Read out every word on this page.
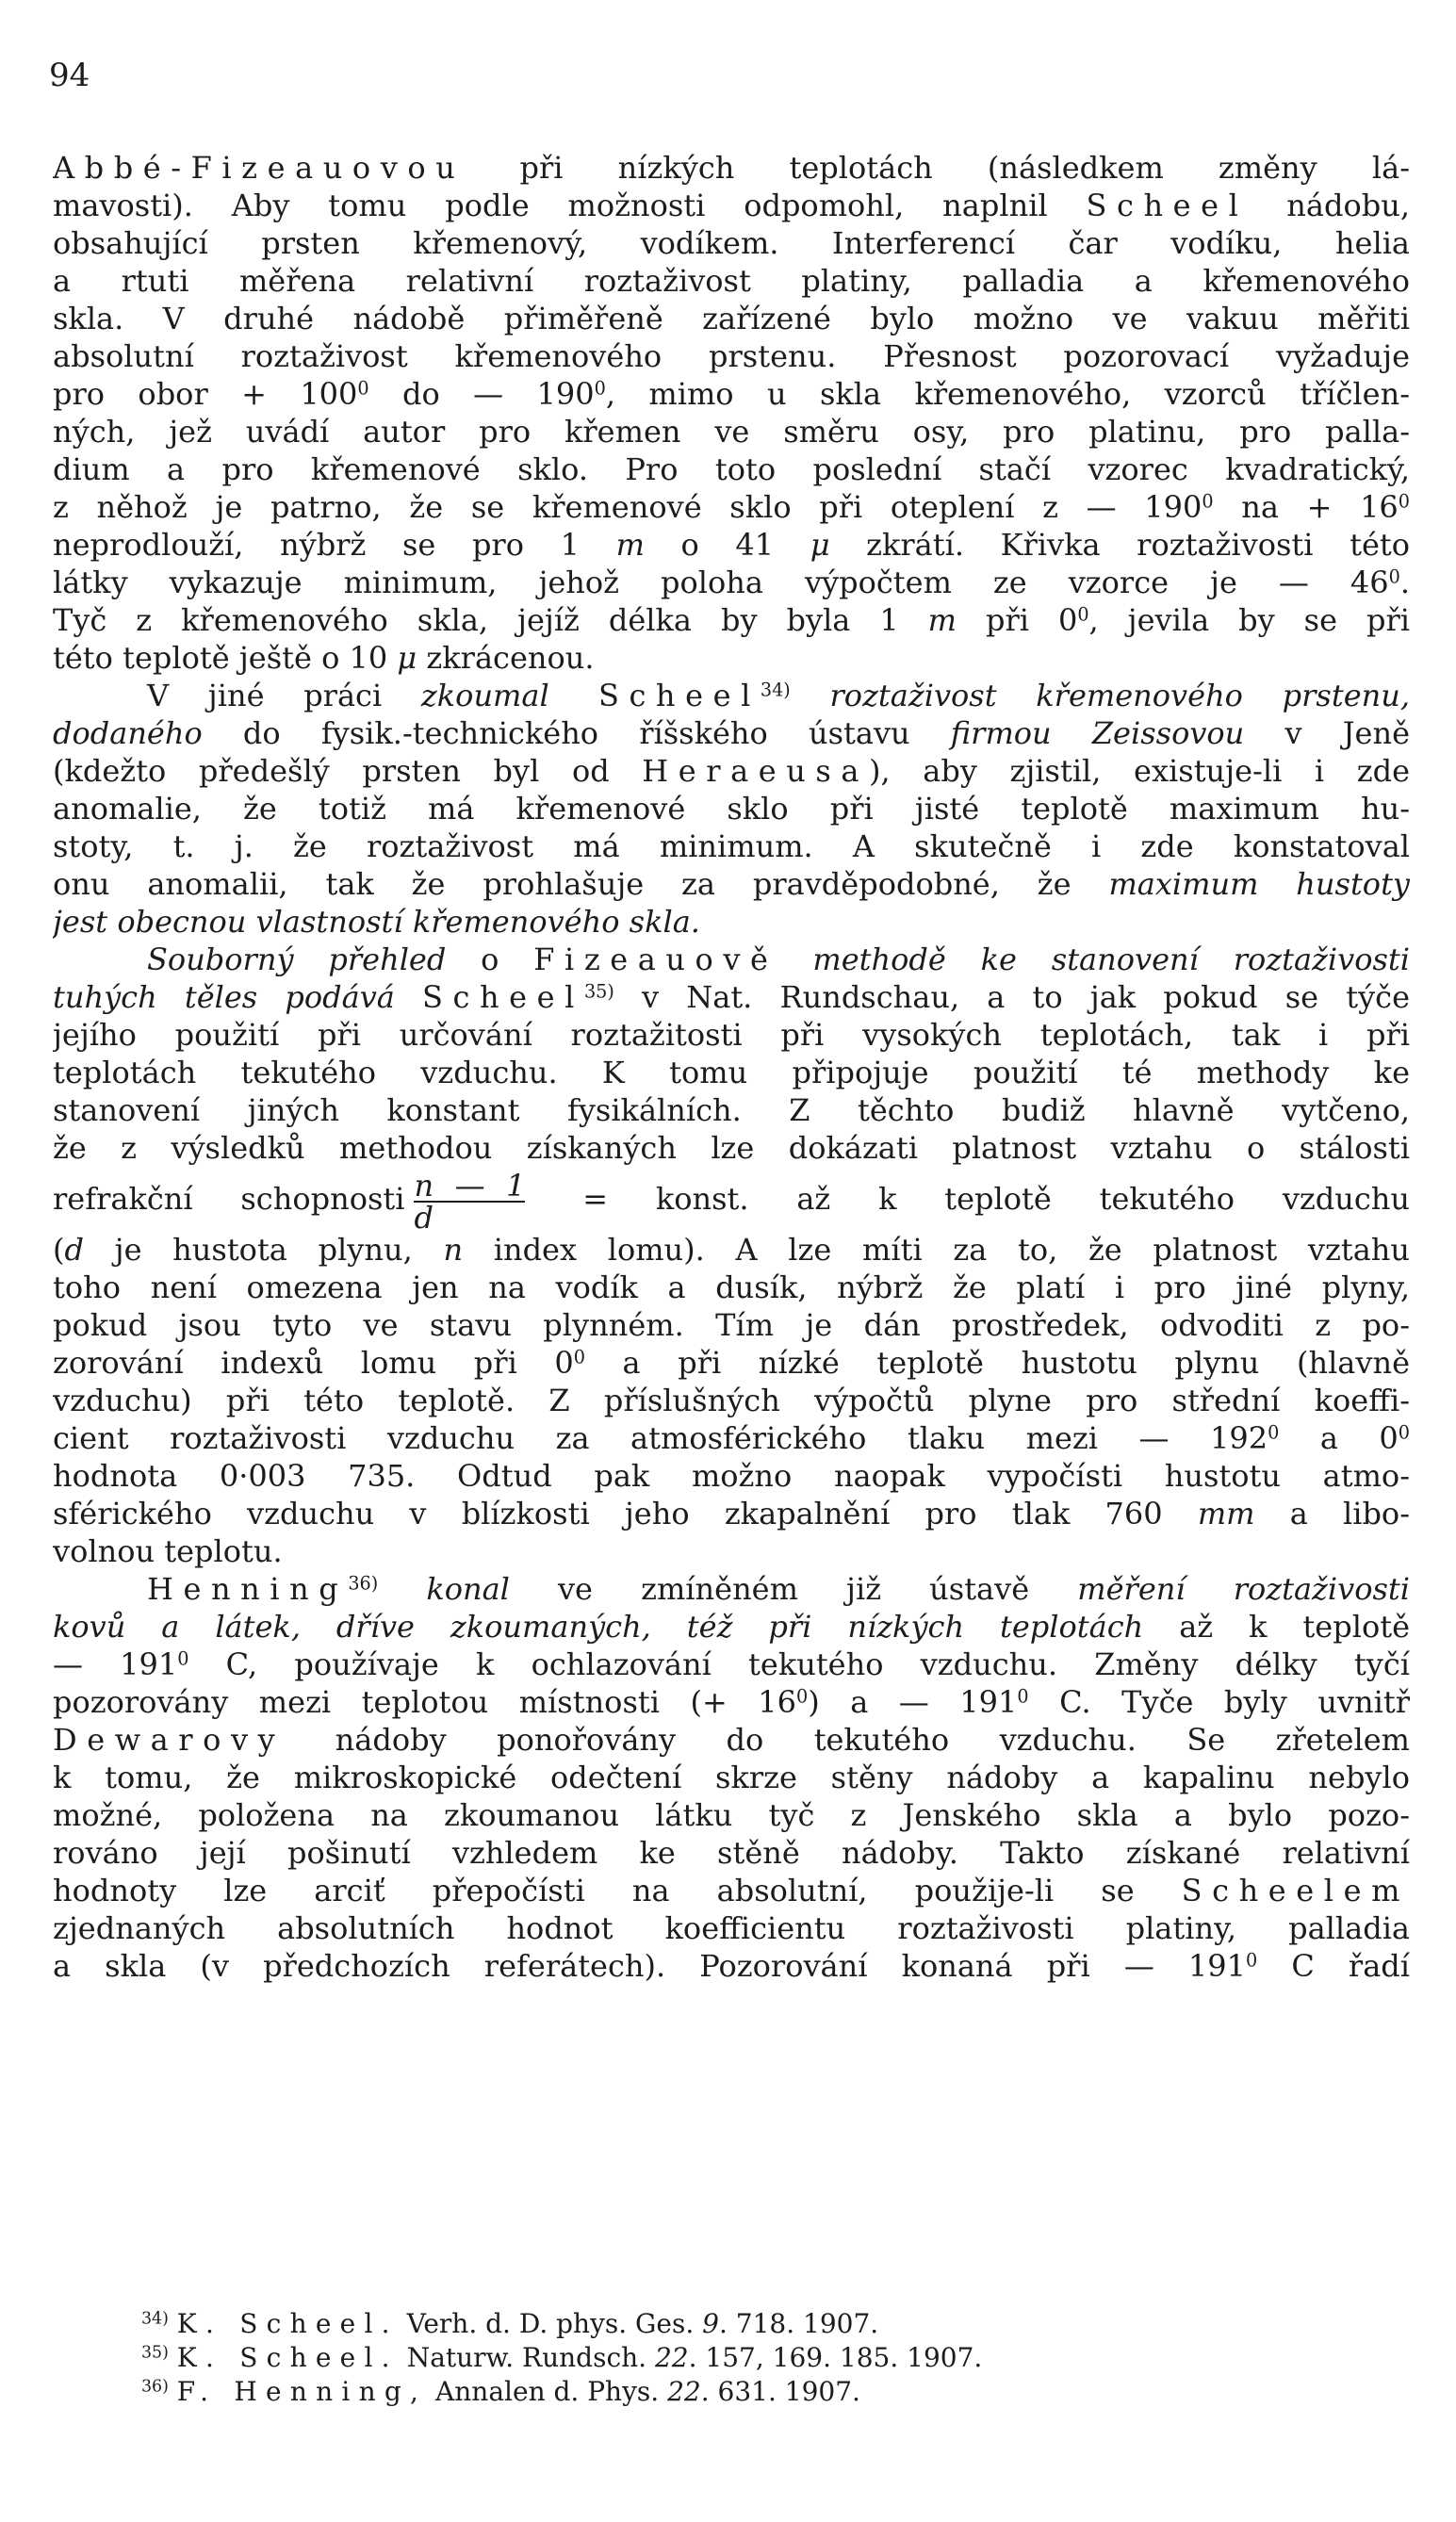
94
Abbé-Fizeauovou při nízkých teplotách (následkem změny lá-
mavosti). Aby tomu podle možnosti odpomohl, naplnil Scheel nádobu,
obsahující prsten křemenový, vodíkem. Interferencí čar vodíku, helia
a rtuti měřena relativní roztaživost platiny, palladia a křemenového
skla. V druhé nádobě přiměřeně zařízené bylo možno ve vakuu měřiti
absolutní roztaživost křemenového prstenu. Přesnost pozorovací vyžaduje
pro obor + $100^0$ do — $190^0$, mimo u skla křemenového, vzorců tříčlen-
ných, jež uvádí autor pro křemen ve směru osy, pro platinu, pro palla-
dium a pro křemenové sklo. Pro toto poslední stačí vzorec kvadratický,
z něhož je patrno, že se křemenové sklo při oteplení z — $190^0$ na + $16^0$
neprodlouží, nýbrž se pro 1 m o 41 μ zkrátí. Křivka roztaživosti této
látky vykazuje minimum, jehož poloha výpočtem ze vzorce je — $46^0$.
Tyč z křemenového skla, jejíž délka by byla 1 m při $0^0$, jevila by se při
této teplotě ještě o 10 μ zkrácenou.
V jiné práci zkoumal Scheel$^{34)}$ roztaživost křemenového prstenu,
dodaného do fysik.-technického říšského ústavu firmou Zeissovou v Jeně
(kdežto předešlý prsten byl od Heraeusa), aby zjistil, existuje-li i zde
anomalie, že totiž má křemenové sklo při jisté teplotě maximum hu-
stoty, t. j. že roztaživost má minimum. A skutečně i zde konstatoval
onu anomalii, tak že prohlašuje za pravděpodobné, že maximum hustoty
jest obecnou vlastností křemenového skla.
Souborný přehled o Fizeauově methodě ke stanovení roztaživosti
tuhých těles podává Scheel$^{35)}$ v Nat. Rundschau, a to jak pokud se týče
jejího použití při určování roztažitosti při vysokých teplotách, tak i při
teplotách tekutého vzduchu. K tomu připojuje použití té methody ke
stanovení jiných konstant fysikálních. Z těchto budiž hlavně vytčeno,
že z výsledků methodou získaných lze dokázati platnost vztahu o stálosti
refrakční schopnosti $\frac{n — 1}{d}$ = konst. až k teplotě tekutého vzduchu
(d je hustota plynu, n index lomu). A lze míti za to, že platnost vztahu
toho není omezena jen na vodík a dusík, nýbrž že platí i pro jiné plyny,
pokud jsou tyto ve stavu plynném. Tím je dán prostředek, odvoditi z po-
zorování indexů lomu při $0^0$ a při nízké teplotě hustotu plynu (hlavně
vzduchu) při této teplotě. Z příslušných výpočtů plyne pro střední koeffi-
cient roztaživosti vzduchu za atmosférického tlaku mezi — $192^0$ a $0^0$
hodnota 0·003 735. Odtud pak možno naopak vypočísti hustotu atmo-
sférického vzduchu v blízkosti jeho zkapalnění pro tlak 760 mm a libo-
volnou teplotu.
Henning$^{36)}$ konal ve zmíněném již ústavě měření roztaživosti
kovů a látek, dříve zkoumaných, též při nízkých teplotách až k teplotě
— $191^0$ C, používaje k ochlazování tekutého vzduchu. Změny délky tyčí
pozorovány mezi teplotou místnosti (+ $16^0$) a — $191^0$ C. Tyče byly uvnitř
Dewarovy nádoby ponořovány do tekutého vzduchu. Se zřetelem
k tomu, že mikroskopické odečtení skrze stěny nádoby a kapalinu nebylo
možné, položena na zkoumanou látku tyč z Jenského skla a bylo pozo-
rováno její pošinutí vzhledem ke stěně nádoby. Takto získané relativní
hodnoty lze arciť přepočísti na absolutní, použije-li se Scheelem
zjednaných absolutních hodnot koefficientu roztaživosti platiny, palladia
a skla (v předchozích referátech). Pozorování konaná při — $191^0$ C řadí
$^{34)}$ K. Scheel. Verh. d. D. phys. Ges. 9. 718. 1907.
$^{35)}$ K. Scheel. Naturw. Rundsch. 22. 157, 169. 185. 1907.
$^{36)}$ F. Henning, Annalen d. Phys. 22. 631. 1907.
